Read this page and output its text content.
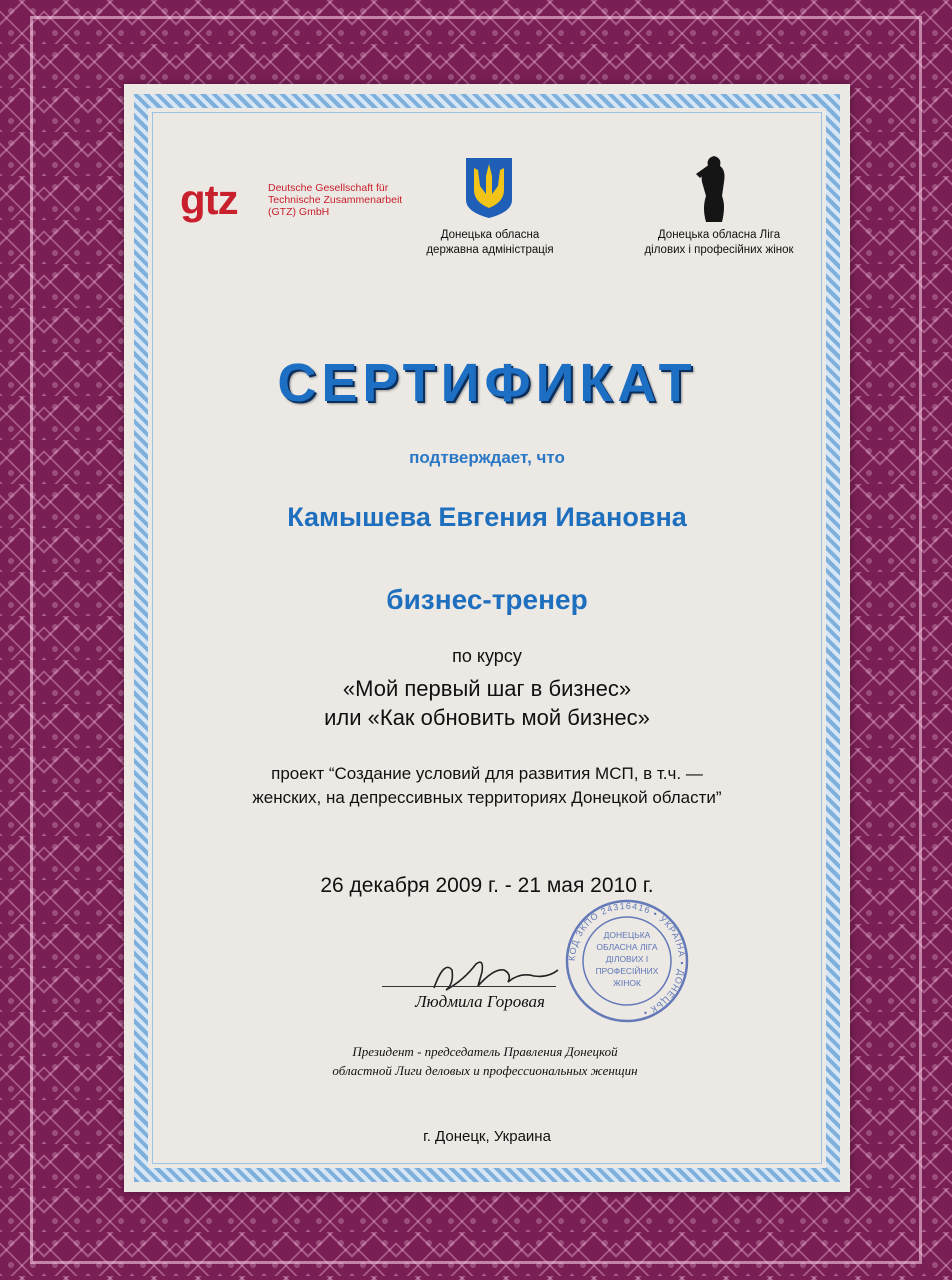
gtz	Deutsche Gesellschaft für
Technische Zusammenarbeit
(GTZ) GmbH
Донецька обласна
державна адміністрація
Донецька обласна Ліга
ділових і професійних жінок
СЕРТИФИКАТ
подтверждает, что
Камышева Евгения Ивановна
бизнес-тренер
по курсу
«Мой первый шаг в бизнес»
или «Как обновить мой бизнес»
проект “Создание условий для развития МСП, в т.ч. —
женских, на депрессивных территориях Донецкой области”
26 декабря 2009 г. - 21 мая 2010 г.
КОД ЗКПО 24316416 • УКРАЇНА • ДОНЕЦЬК •
ДОНЕЦЬКА
ОБЛАСНА ЛІГА
ДІЛОВИХ І
ПРОФЕСІЙНИХ
ЖІНОК
Людмила Горовая
Президент - председатель Правления Донецкой
областной Лиги деловых и профессиональных женщин
г. Донецк, Украина
